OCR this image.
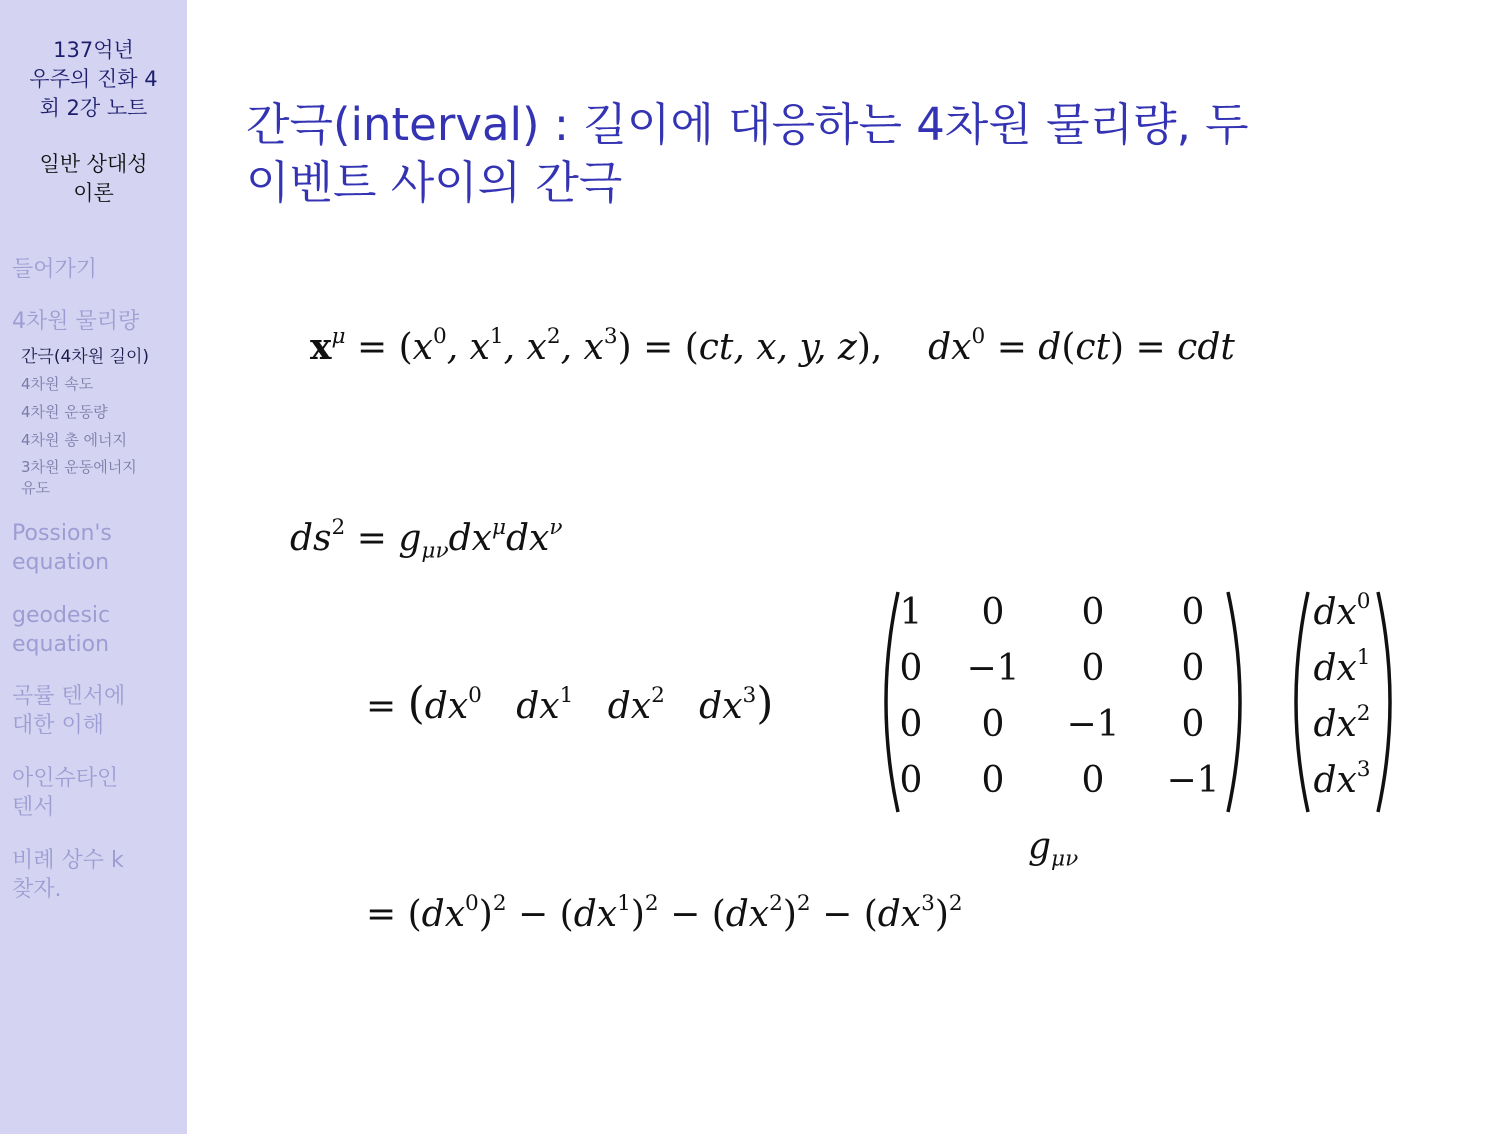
137억년
우주의 진화 4
회 2강 노트
일반 상대성
이론
들어가기
4차원 물리량
간극(4차원 길이)
4차원 속도
4차원 운동량
4차원 총 에너지
3차원 운동에너지
유도
Possion's
equation
geodesic
equation
곡률 텐서에
대한 이해
아인슈타인
텐서
비례 상수 k
찾자.
간극(interval) : 길이에 대응하는 4차원 물리량, 두
이벤트 사이의 간극
$x^\mu = (x^0$, $x^1$, $x^2$, $x^3) = (ct$, x, y, z),    $dx^0 = d(ct)$ = cdt
$ds^2 = g_{\mu\nu}dx^\mu dx^\nu$
= ($dx^0$ $dx^1$ $dx^2$ $dx^3$)
1	0	0	0
0	−1	0	0
0	0	−1	0
0	0	0	−1
$dx^0$
$dx^1$
$dx^2$
$dx^3$
$g_{\mu\nu}$
= $(dx^0)^2 - (dx^1)^2 - (dx^2)^2 - (dx^3)^2$
